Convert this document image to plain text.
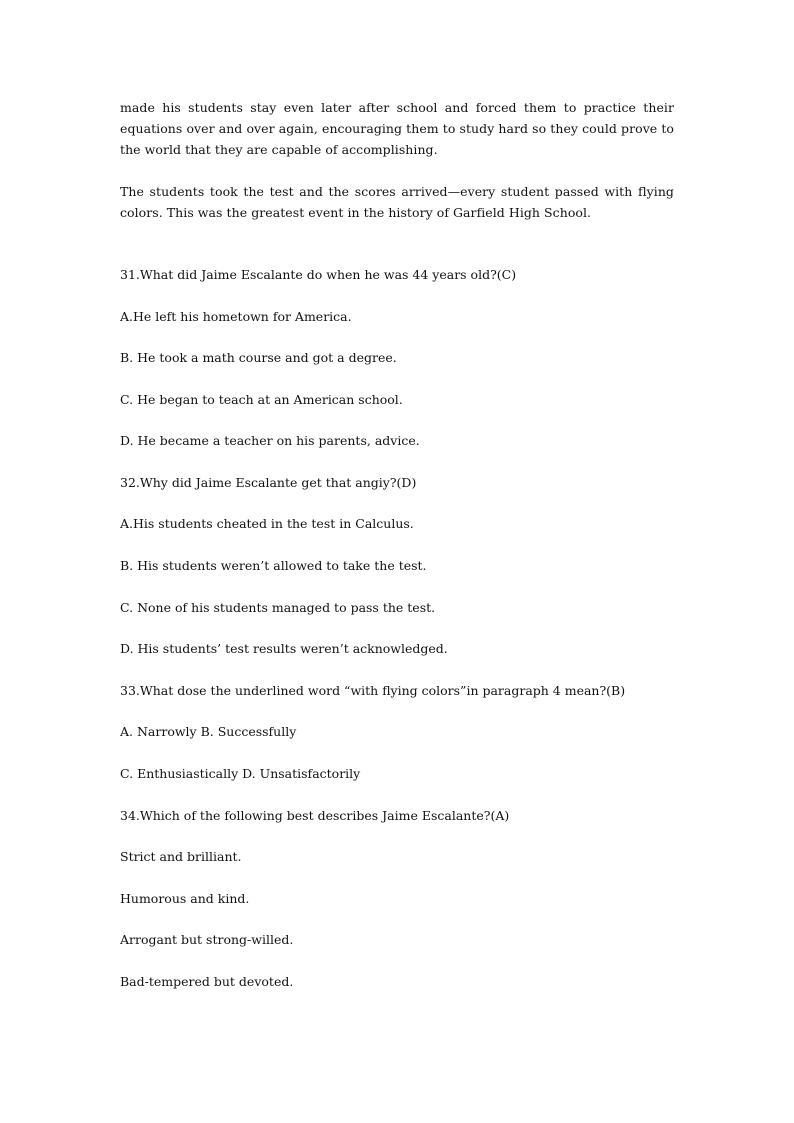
made his students stay even later after school and forced them to practice their equations over and over again, encouraging them to study hard so they could prove to the world that they are capable of accomplishing.

The students took the test and the scores arrived—every student passed with flying colors. This was the greatest event in the history of Garfield High School.

31.What did Jaime Escalante do when he was 44 years old?(C)

A.He left his hometown for America.

B. He took a math course and got a degree.

C. He began to teach at an American school.

D. He became a teacher on his parents, advice.

32.Why did Jaime Escalante get that angiy?(D)

A.His students cheated in the test in Calculus.

B. His students weren’t allowed to take the test.

C. None of his students managed to pass the test.

D. His students’ test results weren’t acknowledged.

33.What dose the underlined word “with flying colors”in paragraph 4 mean?(B)

A. Narrowly B. Successfully

C. Enthusiastically D. Unsatisfactorily

34.Which of the following best describes Jaime Escalante?(A)

Strict and brilliant.

Humorous and kind.

Arrogant but strong-willed.

Bad-tempered but devoted.
